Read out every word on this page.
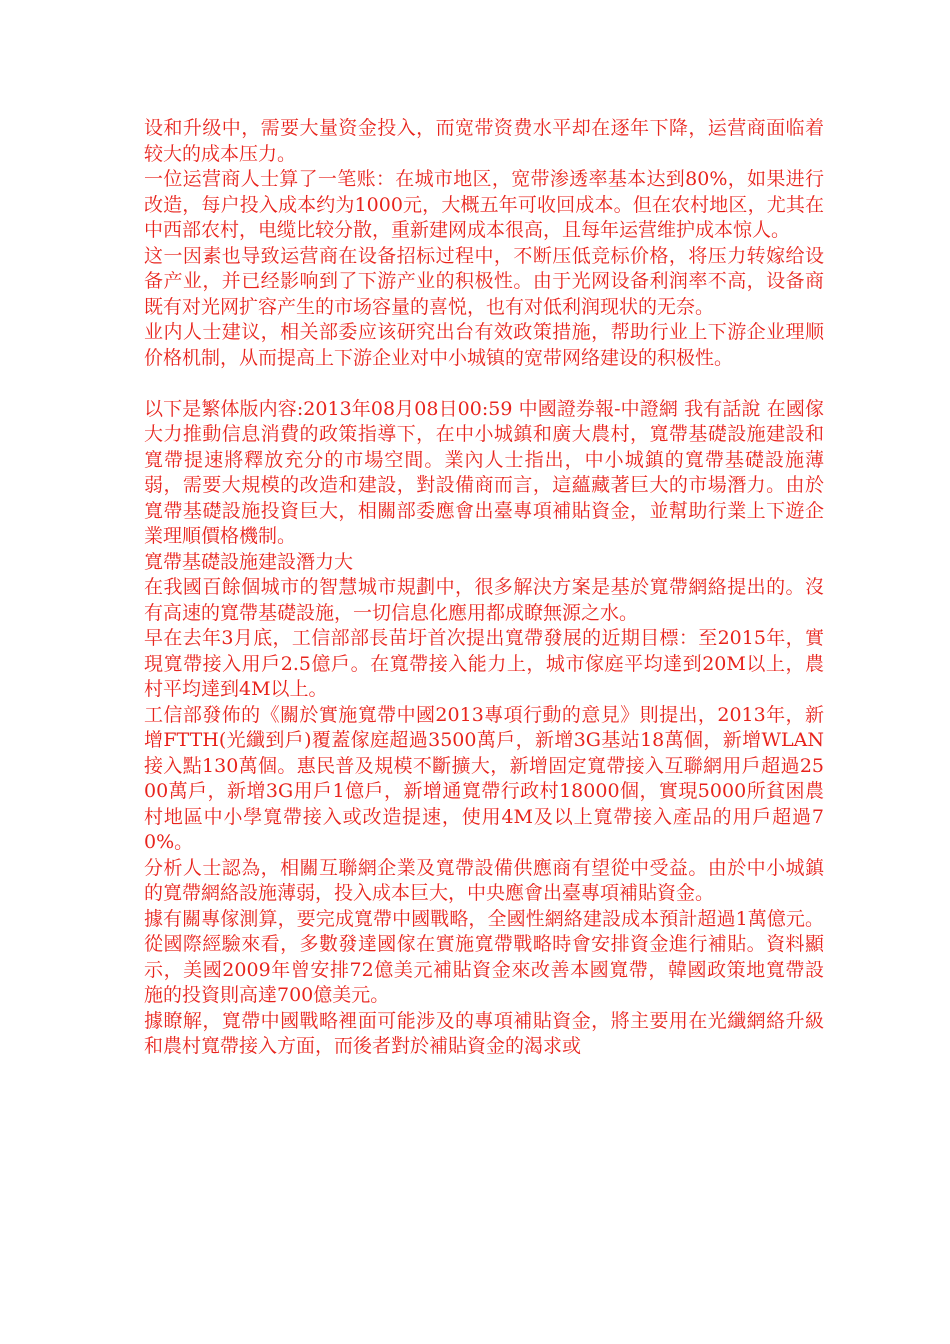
设和升级中，需要大量资金投入，而宽带资费水平却在逐年下降，运营商面临着较大的成本压力。

一位运营商人士算了一笔账：在城市地区，宽带渗透率基本达到80%，如果进行改造，每户投入成本约为1000元，大概五年可收回成本。但在农村地区，尤其在中西部农村，电缆比较分散，重新建网成本很高，且每年运营维护成本惊人。

这一因素也导致运营商在设备招标过程中，不断压低竞标价格，将压力转嫁给设备产业，并已经影响到了下游产业的积极性。由于光网设备利润率不高，设备商既有对光网扩容产生的市场容量的喜悦，也有对低利润现状的无奈。

业内人士建议，相关部委应该研究出台有效政策措施，帮助行业上下游企业理顺价格机制，从而提高上下游企业对中小城镇的宽带网络建设的积极性。

以下是繁体版内容:2013年08月08日00:59 中國證券報-中證網 我有話說 在國傢大力推動信息消費的政策指導下，在中小城鎮和廣大農村，寬帶基礎設施建設和寬帶提速將釋放充分的市場空間。業內人士指出，中小城鎮的寬帶基礎設施薄弱，需要大規模的改造和建設，對設備商而言，這蘊藏著巨大的市場潛力。由於寬帶基礎設施投資巨大，相關部委應會出臺專項補貼資金，並幫助行業上下遊企業理順價格機制。

寬帶基礎設施建設潛力大

在我國百餘個城市的智慧城市規劃中，很多解決方案是基於寬帶網絡提出的。沒有高速的寬帶基礎設施，一切信息化應用都成瞭無源之水。

早在去年3月底，工信部部長苗圩首次提出寬帶發展的近期目標：至2015年，實現寬帶接入用戶2.5億戶。在寬帶接入能力上，城市傢庭平均達到20M以上，農村平均達到4M以上。

工信部發佈的《關於實施寬帶中國2013專項行動的意見》則提出，2013年，新增FTTH(光纖到戶)覆蓋傢庭超過3500萬戶，新增3G基站18萬個，新增WLAN接入點130萬個。惠民普及規模不斷擴大，新增固定寬帶接入互聯網用戶超過2500萬戶，新增3G用戶1億戶，新增通寬帶行政村18000個，實現5000所貧困農村地區中小學寬帶接入或改造提速，使用4M及以上寬帶接入產品的用戶超過70%。

分析人士認為，相關互聯網企業及寬帶設備供應商有望從中受益。由於中小城鎮的寬帶網絡設施薄弱，投入成本巨大，中央應會出臺專項補貼資金。

據有關專傢測算，要完成寬帶中國戰略，全國性網絡建設成本預計超過1萬億元。從國際經驗來看，多數發達國傢在實施寬帶戰略時會安排資金進行補貼。資料顯示，美國2009年曾安排72億美元補貼資金來改善本國寬帶，韓國政策地寬帶設施的投資則高達700億美元。

據瞭解，寬帶中國戰略裡面可能涉及的專項補貼資金，將主要用在光纖網絡升級和農村寬帶接入方面，而後者對於補貼資金的渴求或
